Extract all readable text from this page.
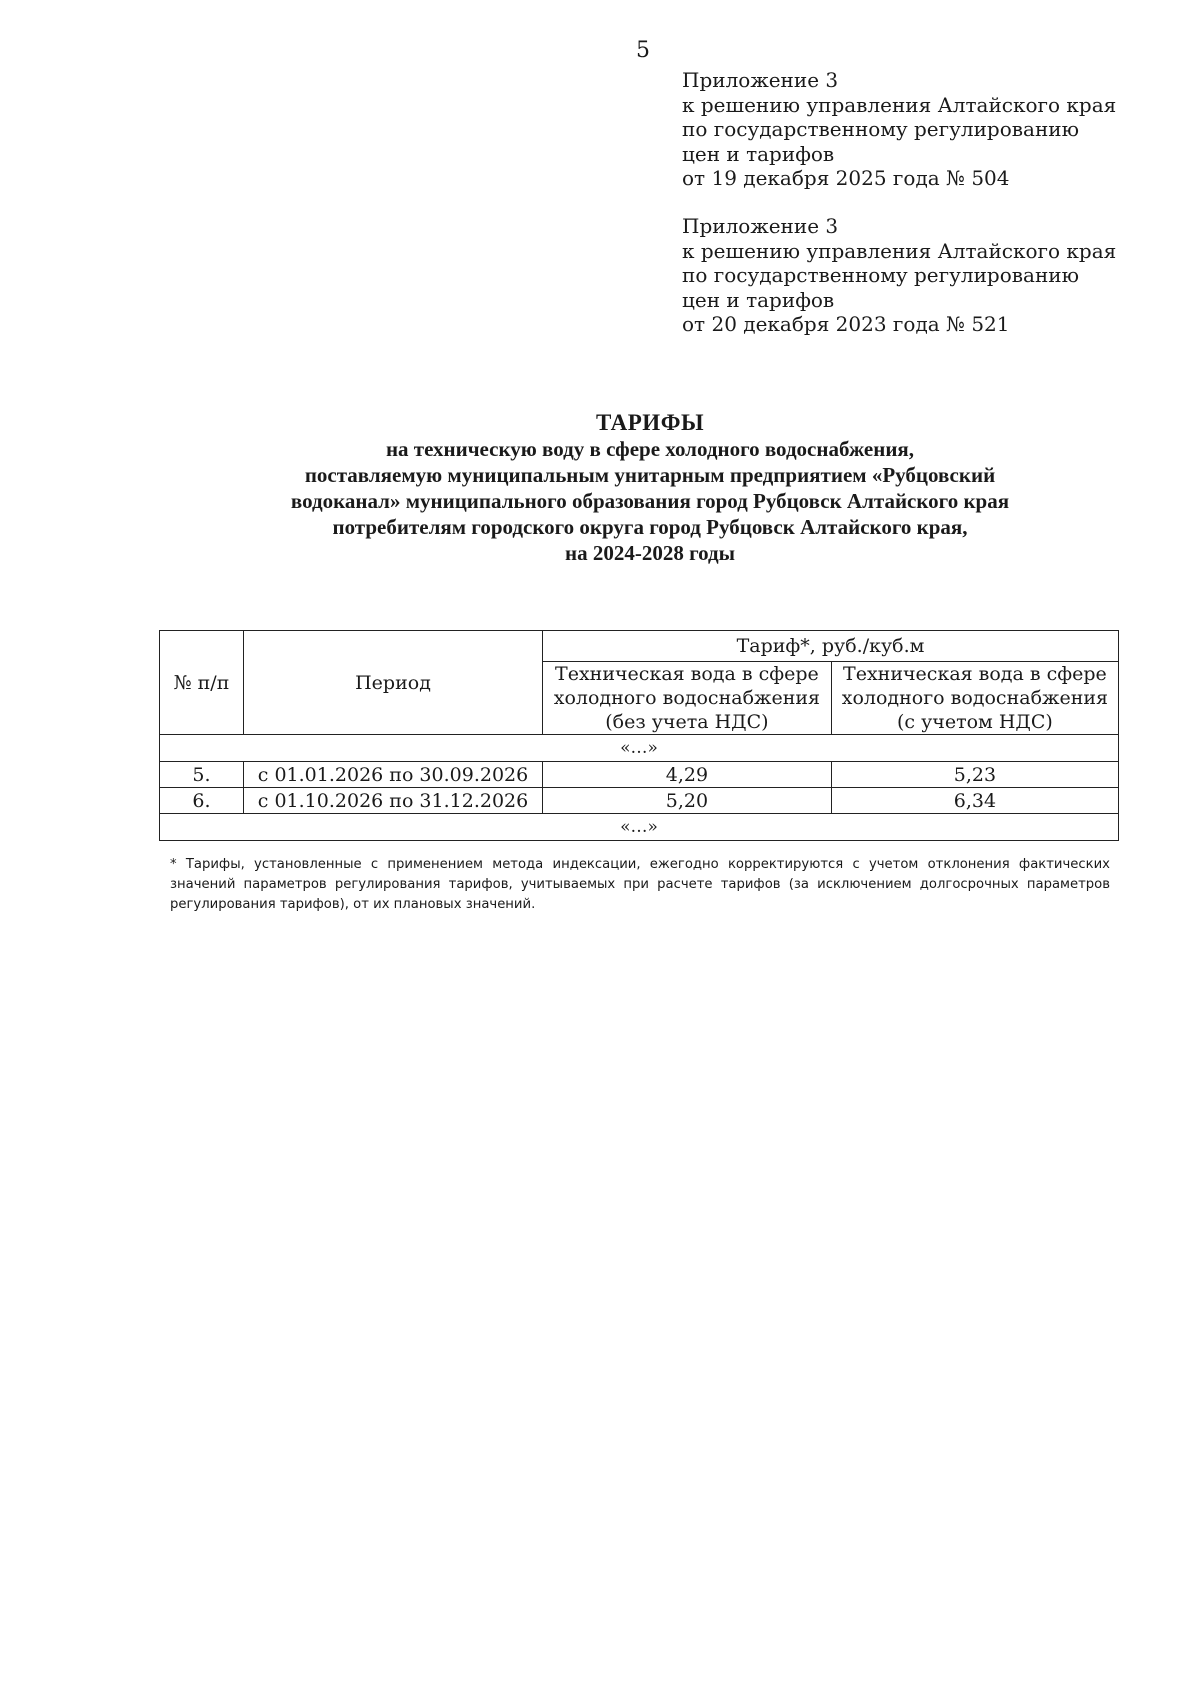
5
Приложение 3
к решению управления Алтайского края
по государственному регулированию
цен и тарифов
от 19 декабря 2025 года № 504
Приложение 3
к решению управления Алтайского края
по государственному регулированию
цен и тарифов
от 20 декабря 2023 года № 521
ТАРИФЫ
на техническую воду в сфере холодного водоснабжения,
поставляемую муниципальным унитарным предприятием «Рубцовский
водоканал» муниципального образования город Рубцовск Алтайского края
потребителям городского округа город Рубцовск Алтайского края,
на 2024-2028 годы
№ п/п	Период	Тариф*, руб./куб.м	
		Техническая вода в сфере холодного водоснабжения (без учета НДС)	Техническая вода в сфере холодного водоснабжения (с учетом НДС)
«…»			
5.	с 01.01.2026 по 30.09.2026	4,29	5,23
6.	с 01.10.2026 по 31.12.2026	5,20	6,34
«…»			
* Тарифы, установленные с применением метода индексации, ежегодно корректируются с учетом отклонения фактических значений параметров регулирования тарифов, учитываемых при расчете тарифов (за исключением долгосрочных параметров регулирования тарифов), от их плановых значений.
